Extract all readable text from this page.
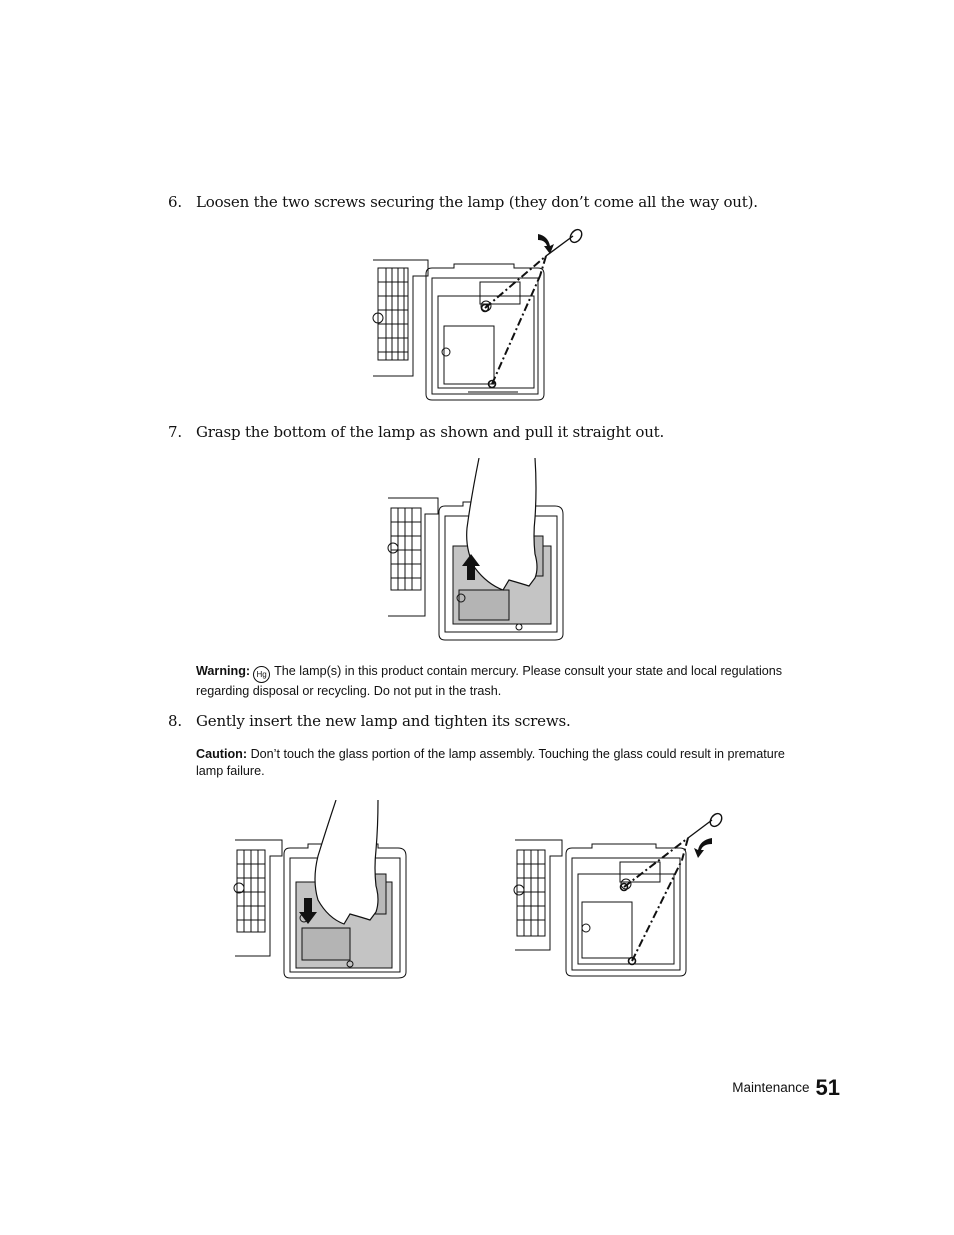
6. Loosen the two screws securing the lamp (they don’t come all the way out).
7. Grasp the bottom of the lamp as shown and pull it straight out.
Warning: Hg The lamp(s) in this product contain mercury. Please consult your state and local regulations regarding disposal or recycling. Do not put in the trash.
8. Gently insert the new lamp and tighten its screws.
Caution: Don’t touch the glass portion of the lamp assembly. Touching the glass could result in premature lamp failure.
Maintenance 51
